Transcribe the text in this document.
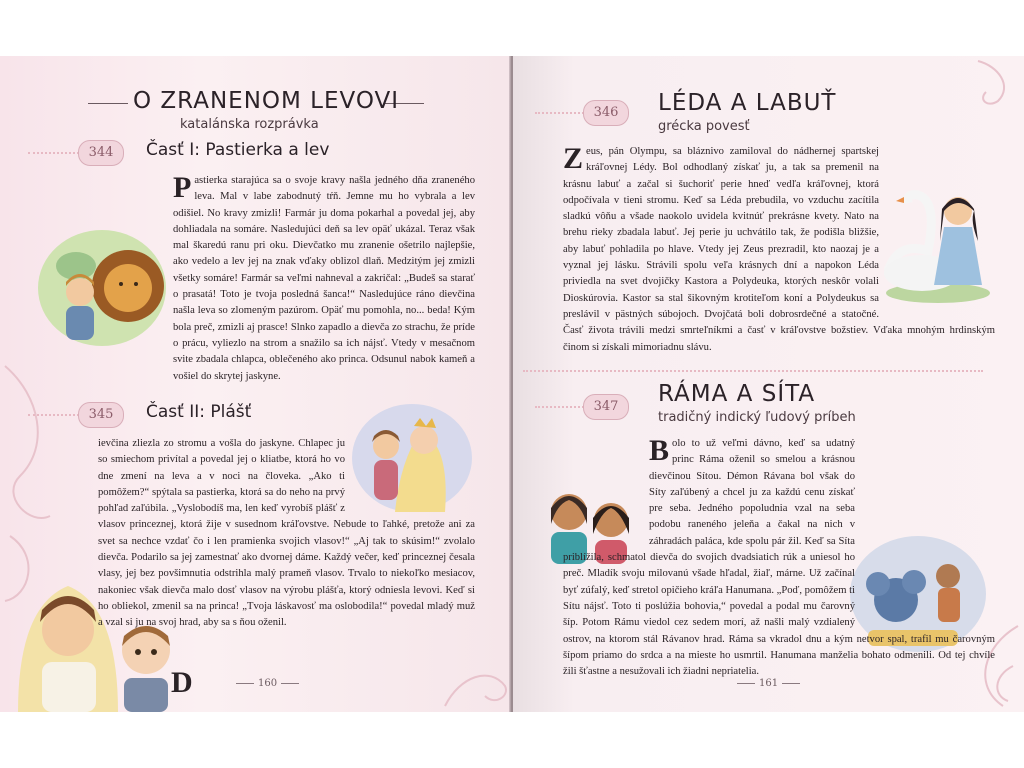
O ZRANENOM LEVOVI
katalánska rozprávka
344	Časť I: Pastierka a lev
P astierka starajúca sa o svoje kravy našla jedného dňa zraneného leva. Mal v labe zabodnutý tŕň. Jemne mu ho vybrala a lev odišiel. No kravy zmizli! Farmár ju doma pokarhal a povedal jej, aby dohliadala na somáre. Nasledujúci deň sa lev opäť ukázal. Teraz však mal škaredú ranu pri oku. Dievčatko mu zranenie ošetrilo najlepšie, ako vedelo a lev jej na znak vďaky oblizol dlaň. Medzitým jej zmizli všetky somáre! Farmár sa veľmi nahneval a zakričal: „Budeš sa starať o prasatá! Toto je tvoja posledná šanca!“ Nasledujúce ráno dievčina našla leva so zlomeným pazúrom. Opäť mu pomohla, no... beda! Kým bola preč, zmizli aj prasce! Slnko zapadlo a dievča zo strachu, že príde o prácu, vyliezlo na strom a snažilo sa ich nájsť. Vtedy v mesačnom svite zbadala chlapca, oblečeného ako princa. Odsunul nabok kameň a vošiel do skrytej jaskyne.
345	Časť II: Plášť
D
ievčina zliezla zo stromu a vošla do jaskyne. Chlapec ju so smiechom privítal a povedal jej o kliatbe, ktorá ho vo dne zmení na leva a v noci na človeka. „Ako ti pomôžem?“ spýtala sa pastierka, ktorá sa do neho na prvý pohľad zaľúbila. „Vyslobodíš ma, len keď vyrobíš plášť z vlasov princeznej, ktorá žije v susednom kráľovstve. Nebude to ľahké, pretože ani za svet sa nechce vzdať čo i len pramienka svojich vlasov!“ „Aj tak to skúsim!“ zvolalo dievča. Podarilo sa jej zamestnať ako dvornej dáme. Každý večer, keď princeznej česala vlasy, jej bez povšimnutia odstrihla malý prameň vlasov. Trvalo to niekoľko mesiacov, nakoniec však dievča malo dosť vlasov na výrobu plášťa, ktorý odniesla levovi. Keď si ho obliekol, zmenil sa na princa! „Tvoja láskavosť ma oslobodila!“ povedal mladý muž a vzal si ju na svoj hrad, aby sa s ňou oženil.
160
346	LÉDA A LABUŤ
grécka povesť
Z eus, pán Olympu, sa bláznivo zamiloval do nádhernej spartskej kráľovnej Lédy. Bol odhodlaný získať ju, a tak sa premenil na krásnu labuť a začal si šuchoriť perie hneď vedľa kráľovnej, ktorá odpočívala v tieni stromu. Keď sa Léda prebudila, vo vzduchu zacítila sladkú vôňu a všade naokolo uvidela kvitnúť prekrásne kvety. Nato na brehu rieky zbadala labuť. Jej perie ju uchvátilo tak, že podišla bližšie, aby labuť pohladila po hlave. Vtedy jej Zeus prezradil, kto naozaj je a vyznal jej lásku. Strávili spolu veľa krásnych dní a napokon Léda priviedla na svet dvojičky Kastora a Polydeuka, ktorých neskôr volali Dioskúrovia. Kastor sa stal šikovným krotiteľom koní a Polydeukus sa preslávil v pästných súbojoch. Dvojčatá boli dobrosrdečné a statočné. Časť života trávili medzi smrteľníkmi a časť v kráľovstve božstiev. Vďaka mnohým hrdinským činom si získali mimoriadnu slávu.
347	RÁMA A SÍTA
tradičný indický ľudový príbeh
B olo to už veľmi dávno, keď sa udatný princ Ráma oženil so smelou a krásnou dievčinou Sítou. Démon Rávana bol však do Síty zaľúbený a chcel ju za každú cenu získať pre seba. Jedného popoludnia vzal na seba podobu raneného jeleňa a čakal na nich v záhradách paláca, kde spolu pár žil. Keď sa Síta priblížila, schmatol dievča do svojich dvadsiatich rúk a uniesol ho preč. Mladík svoju milovanú všade hľadal, žiaľ, márne. Už začínal byť zúfalý, keď stretol opičieho kráľa Hanumana. „Poď, pomôžem ti Sítu nájsť. Toto ti poslúžia bohovia,“ povedal a podal mu čarovný šíp. Potom Rámu viedol cez sedem morí, až našli malý vzdialený ostrov, na ktorom stál Rávanov hrad. Ráma sa vkradol dnu a kým netvor spal, trafil mu čarovným šípom priamo do srdca a na mieste ho usmrtil. Hanumana manželia bohato odmenili. Od tej chvíle žili šťastne a nesužovali ich žiadni nepriatelia.
161
